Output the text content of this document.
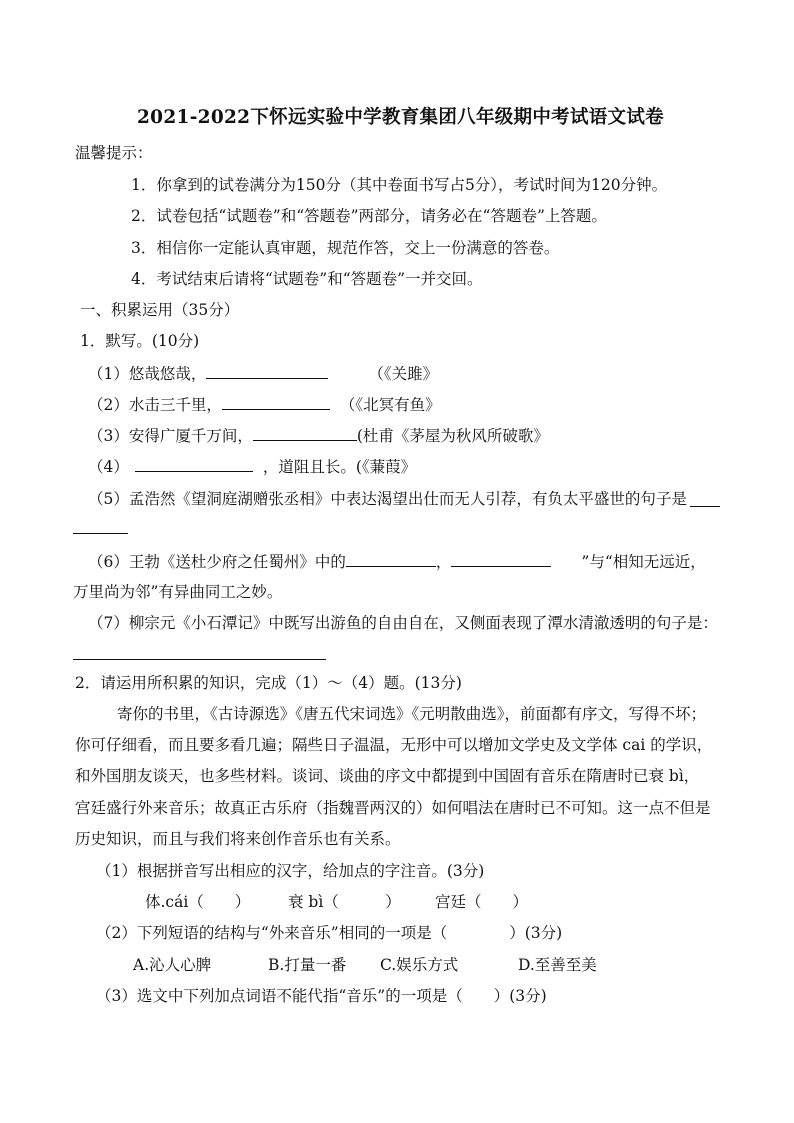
2021-2022下怀远实验中学教育集团八年级期中考试语文试卷
温馨提示：
1．你拿到的试卷满分为150分（其中卷面书写占5分），考试时间为120分钟。
2．试卷包括“试题卷”和“答题卷”两部分，请务必在“答题卷”上答题。
3．相信你一定能认真审题，规范作答，交上一份满意的答卷。
4．考试结束后请将“试题卷”和“答题卷”一并交回。
一、积累运用（35分）
1．默写。(10分)
（1）悠哉悠哉，	（《关雎》
（2）水击三千里，	（《北冥有鱼》
（3）安得广厦千万间，	(杜甫《茅屋为秋风所破歌》
（4）	，道阻且长。(《蒹葭》
（5）孟浩然《望洞庭湖赠张丞相》中表达渴望出仕而无人引荐，有负太平盛世的句子是
（6）王勃《送杜少府之任蜀州》中的	，	”与“相知无远近，
万里尚为邻”有异曲同工之妙。
（7）柳宗元《小石潭记》中既写出游鱼的自由自在，又侧面表现了潭水清澈透明的句子是：
2．请运用所积累的知识，完成（1）～（4）题。(13分)
寄你的书里，《古诗源选》《唐五代宋词选》《元明散曲选》，前面都有序文，写得不坏；
你可仔细看，而且要多看几遍；隔些日子温温，无形中可以增加文学史及文学体 cai 的学识，
和外国朋友谈天，也多些材料。谈词、谈曲的序文中都提到中国固有音乐在隋唐时已衰 bì，
宫廷盛行外来音乐；故真正古乐府（指魏晋两汉的）如何唱法在唐时已不可知。这一点不但是
历史知识，而且与我们将来创作音乐也有关系。
（1）根据拼音写出相应的汉字，给加点的字注音。(3分)
体.cái（　　） 衰 bì（　　　） 宫廷（　　）
（2）下列短语的结构与“外来音乐”相同的一项是（　　　　）(3分)
A.沁人心脾	B.打量一番 C.娱乐方式	D.至善至美
（3）选文中下列加点词语不能代指“音乐”的一项是（　　）(3分)
